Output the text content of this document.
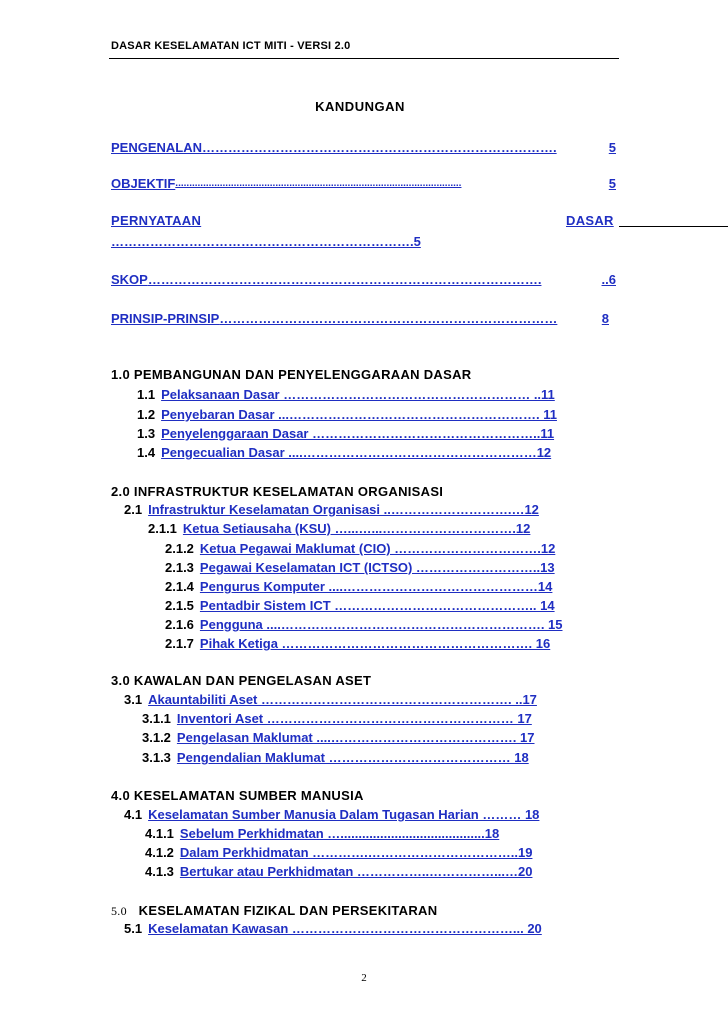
DASAR KESELAMATAN ICT MITI - VERSI 2.0
KANDUNGAN
PENGENALAN ……………………………………………………………………….	5
OBJEKTIF .......................................................................................................	5
PERNYATAAN	DASAR
…………………………………………………………….5
SKOP ……………………………………………………………………………….	..6
PRINSIP-PRINSIP ……………………………………………………………………	8
1.0 PEMBANGUNAN DAN PENYELENGGARAAN DASAR
1.1 Pelaksanaan Dasar ………………………………………………… ..11
1.2 Penyebaran Dasar ...…………………………………………………. 11
1.3 Penyelenggaraan Dasar ……………………………………………..11
1.4 Pengecualian Dasar ....………………………………………………12
2.0 INFRASTRUKTUR KESELAMATAN ORGANISASI
2.1 Infrastruktur Keselamatan Organisasi ..……………………….…12
2.1.1 Ketua Setiausaha (KSU) …...…...………………………….12
2.1.2 Ketua Pegawai Maklumat (CIO) …………………………….12
2.1.3 Pegawai Keselamatan ICT (ICTSO) ………………………..13
2.1.4 Pengurus Komputer ....………………………………………14
2.1.5 Pentadbir Sistem ICT ……………………………………….. 14
2.1.6 Pengguna ....……………………………………………………. 15
2.1.7 Pihak Ketiga …………………………………………………. 16
3.0 KAWALAN DAN PENGELASAN ASET
3.1 Akauntabiliti Aset …………………………………………………. ..17
3.1.1 Inventori Aset ………………………………………………… 17
3.1.2 Pengelasan Maklumat ....……………………………………. 17
3.1.3 Pengendalian Maklumat …………………………………… 18
4.0 KESELAMATAN SUMBER MANUSIA
4.1 Keselamatan Sumber Manusia Dalam Tugasan Harian ……… 18
4.1.1 Sebelum Perkhidmatan …........................................18
4.1.2 Dalam Perkhidmatan ………….……………………………..19
4.1.3 Bertukar atau Perkhidmatan ……………..……………...…20
5.0 KESELAMATAN FIZIKAL DAN PERSEKITARAN
5.1 Keselamatan Kawasan ……………………………………………... 20
2
